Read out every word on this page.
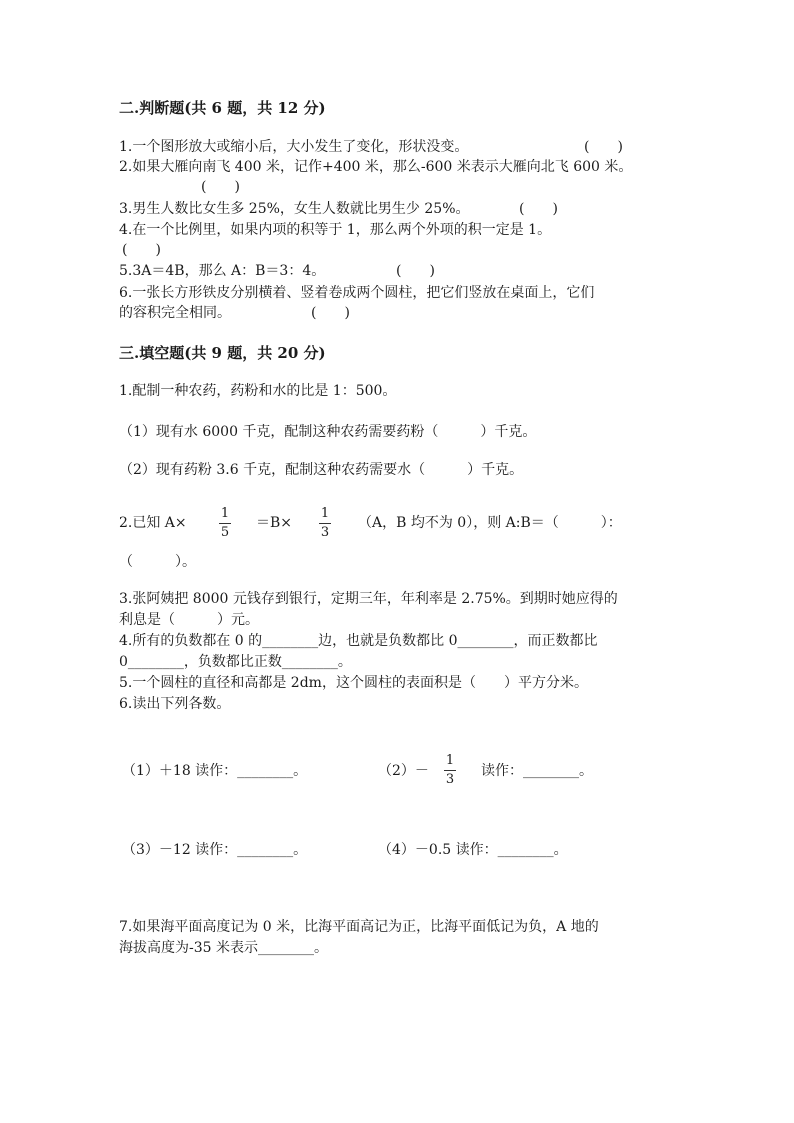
二.判断题(共 6 题，共 12 分)
1.一个图形放大或缩小后，大小发生了变化，形状没变。	(　　)
2.如果大雁向南飞 400 米，记作+400 米，那么-600 米表示大雁向北飞 600 米。
(　　)
3.男生人数比女生多 25%，女生人数就比男生少 25%。	(　　)
4.在一个比例里，如果内项的积等于 1，那么两个外项的积一定是 1。
(　　)
5.3A＝4B，那么 A：B＝3：4。	(　　)
6.一张长方形铁皮分别横着、竖着卷成两个圆柱，把它们竖放在桌面上，它们
的容积完全相同。	(　　)
三.填空题(共 9 题，共 20 分)
1.配制一种农药，药粉和水的比是 1：500。
（1）现有水 6000 千克，配制这种农药需要药粉（　　　）千克。
（2）现有药粉 3.6 千克，配制这种农药需要水（　　　）千克。
2.已知 A×
1
5
＝B×
1
3
（A，B 均不为 0），则 A:B＝（　　　）：
（　　　）。
3.张阿姨把 8000 元钱存到银行，定期三年，年利率是 2.75%。到期时她应得的
利息是（　　　）元。
4.所有的负数都在 0 的________边，也就是负数都比 0________，而正数都比
0________，负数都比正数________。
5.一个圆柱的直径和高都是 2dm，这个圆柱的表面积是（　　）平方分米。
6.读出下列各数。
（1）＋18 读作：________。	（2）－
1
3
读作：________。
（3）－12 读作：________。	（4）－0.5 读作：________。
7.如果海平面高度记为 0 米，比海平面高记为正，比海平面低记为负，A 地的
海拔高度为-35 米表示________。
